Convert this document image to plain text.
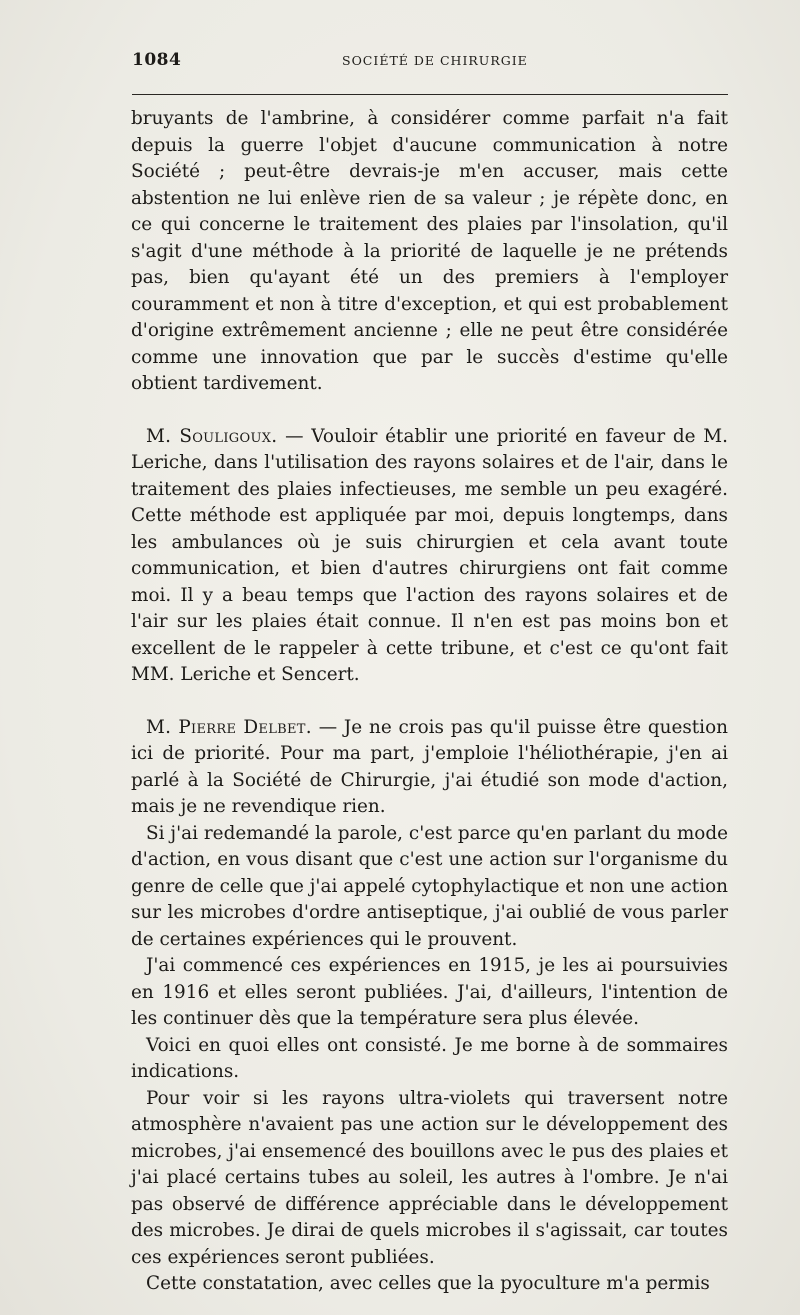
1084	SOCIÉTÉ DE CHIRURGIE

bruyants de l'ambrine, à considérer comme parfait n'a fait depuis la guerre l'objet d'aucune communication à notre Société ; peut-être devrais-je m'en accuser, mais cette abstention ne lui enlève rien de sa valeur ; je répète donc, en ce qui concerne le traitement des plaies par l'insolation, qu'il s'agit d'une méthode à la priorité de laquelle je ne prétends pas, bien qu'ayant été un des premiers à l'employer couramment et non à titre d'exception, et qui est probablement d'origine extrêmement ancienne ; elle ne peut être considérée comme une innovation que par le succès d'estime qu'elle obtient tardivement.

M. Souligoux. — Vouloir établir une priorité en faveur de M. Leriche, dans l'utilisation des rayons solaires et de l'air, dans le traitement des plaies infectieuses, me semble un peu exagéré. Cette méthode est appliquée par moi, depuis longtemps, dans les ambulances où je suis chirurgien et cela avant toute communication, et bien d'autres chirurgiens ont fait comme moi. Il y a beau temps que l'action des rayons solaires et de l'air sur les plaies était connue. Il n'en est pas moins bon et excellent de le rappeler à cette tribune, et c'est ce qu'ont fait MM. Leriche et Sencert.

M. Pierre Delbet. — Je ne crois pas qu'il puisse être question ici de priorité. Pour ma part, j'emploie l'héliothérapie, j'en ai parlé à la Société de Chirurgie, j'ai étudié son mode d'action, mais je ne revendique rien.

Si j'ai redemandé la parole, c'est parce qu'en parlant du mode d'action, en vous disant que c'est une action sur l'organisme du genre de celle que j'ai appelé cytophylactique et non une action sur les microbes d'ordre antiseptique, j'ai oublié de vous parler de certaines expériences qui le prouvent.

J'ai commencé ces expériences en 1915, je les ai poursuivies en 1916 et elles seront publiées. J'ai, d'ailleurs, l'intention de les continuer dès que la température sera plus élevée.

Voici en quoi elles ont consisté. Je me borne à de sommaires indications.

Pour voir si les rayons ultra-violets qui traversent notre atmosphère n'avaient pas une action sur le développement des microbes, j'ai ensemencé des bouillons avec le pus des plaies et j'ai placé certains tubes au soleil, les autres à l'ombre. Je n'ai pas observé de différence appréciable dans le développement des microbes. Je dirai de quels microbes il s'agissait, car toutes ces expériences seront publiées.

Cette constatation, avec celles que la pyoculture m'a permis
